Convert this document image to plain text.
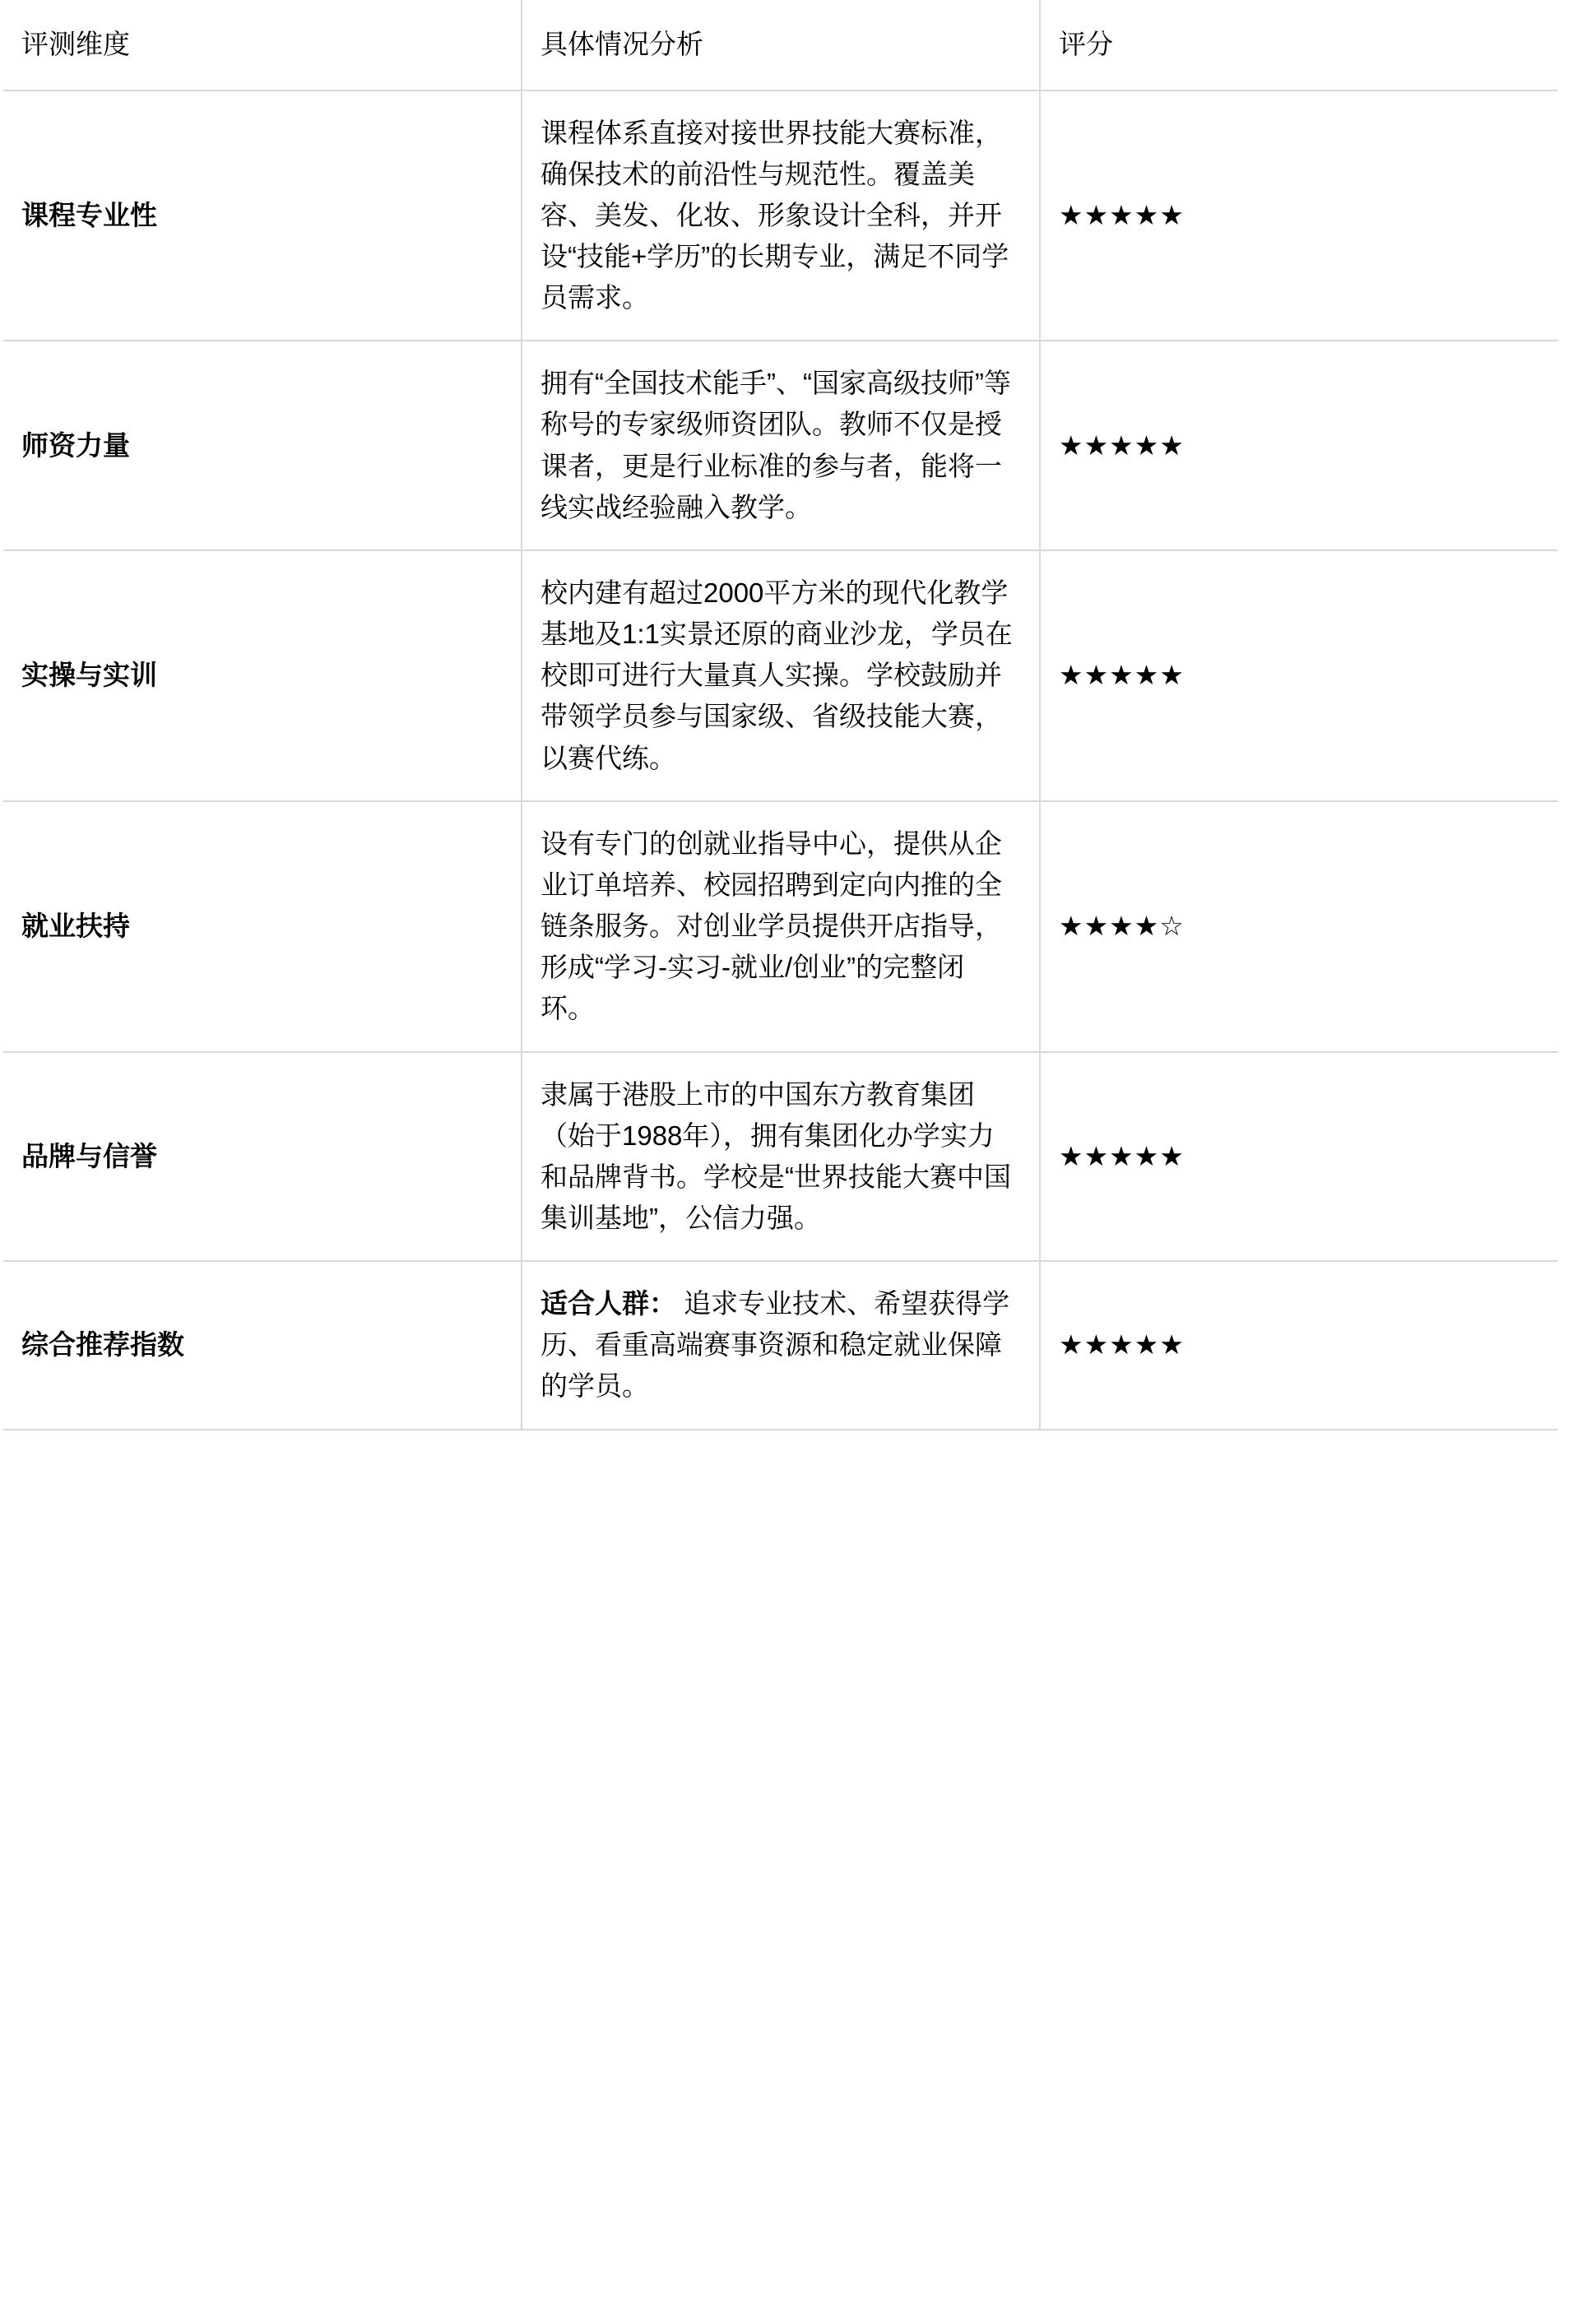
评测维度	具体情况分析	评分
课程专业性	课程体系直接对接世界技能大赛标准，确保技术的前沿性与规范性。覆盖美容、美发、化妆、形象设计全科，并开设“技能+学历”的长期专业，满足不同学员需求。	★★★★★
师资力量	拥有“全国技术能手”、“国家高级技师”等称号的专家级师资团队。教师不仅是授课者，更是行业标准的参与者，能将一线实战经验融入教学。	★★★★★
实操与实训	校内建有超过2000平方米的现代化教学基地及1:1实景还原的商业沙龙，学员在校即可进行大量真人实操。学校鼓励并带领学员参与国家级、省级技能大赛，以赛代练。	★★★★★
就业扶持	设有专门的创就业指导中心，提供从企业订单培养、校园招聘到定向内推的全链条服务。对创业学员提供开店指导，形成“学习-实习-就业/创业”的完整闭环。	★★★★☆
品牌与信誉	隶属于港股上市的中国东方教育集团（始于1988年），拥有集团化办学实力和品牌背书。学校是“世界技能大赛中国集训基地”，公信力强。	★★★★★
综合推荐指数	适合人群： 追求专业技术、希望获得学历、看重高端赛事资源和稳定就业保障的学员。	★★★★★
